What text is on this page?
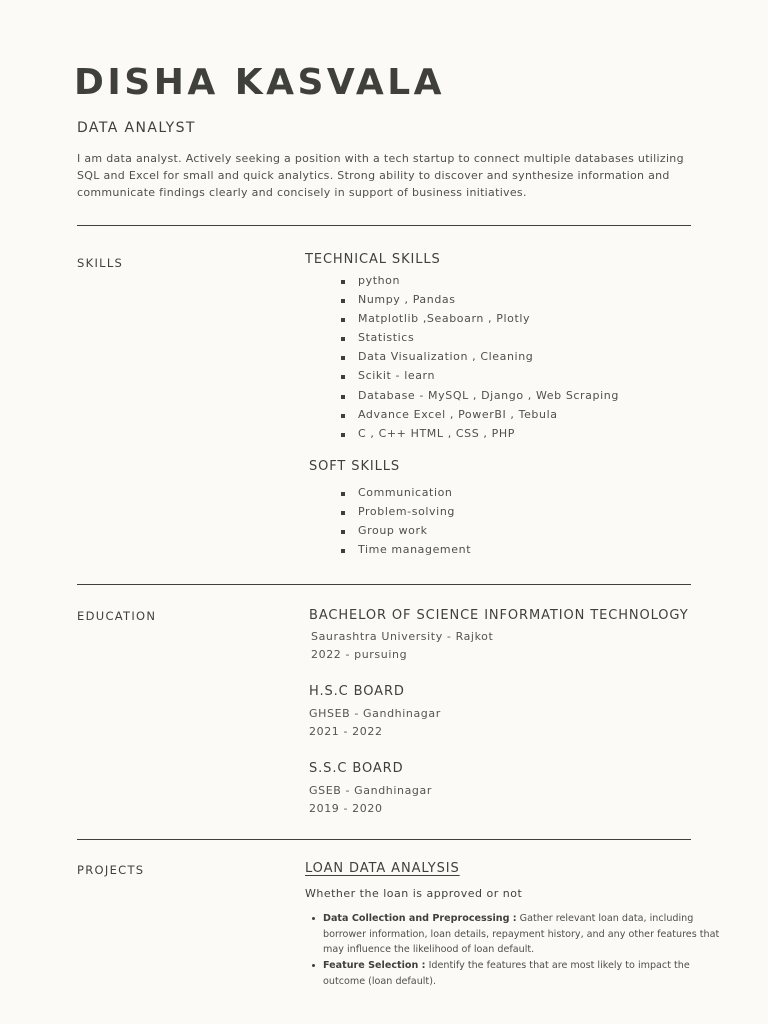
DISHA KASVALA
DATA ANALYST
I am data analyst. Actively seeking a position with a tech startup to connect multiple databases utilizing SQL and Excel for small and quick analytics. Strong ability to discover and synthesize information and communicate findings clearly and concisely in support of business initiatives.
SKILLS	TECHNICAL SKILLS
python
Numpy , Pandas
Matplotlib ,Seaboarn , Plotly
Statistics
Data Visualization , Cleaning
Scikit - learn
Database - MySQL , Django , Web Scraping
Advance Excel , PowerBI , Tebula
C , C++ HTML , CSS , PHP
SOFT SKILLS
Communication
Problem-solving
Group work
Time management
EDUCATION	BACHELOR OF SCIENCE INFORMATION TECHNOLOGY
Saurashtra University - Rajkot
2022 - pursuing
H.S.C BOARD
GHSEB - Gandhinagar
2021 - 2022
S.S.C BOARD
GSEB - Gandhinagar
2019 - 2020
PROJECTS	LOAN DATA ANALYSIS
Whether the loan is approved or not
Data Collection and Preprocessing : Gather relevant loan data, including borrower information, loan details, repayment history, and any other features that may influence the likelihood of loan default.
Feature Selection : Identify the features that are most likely to impact the outcome (loan default).
